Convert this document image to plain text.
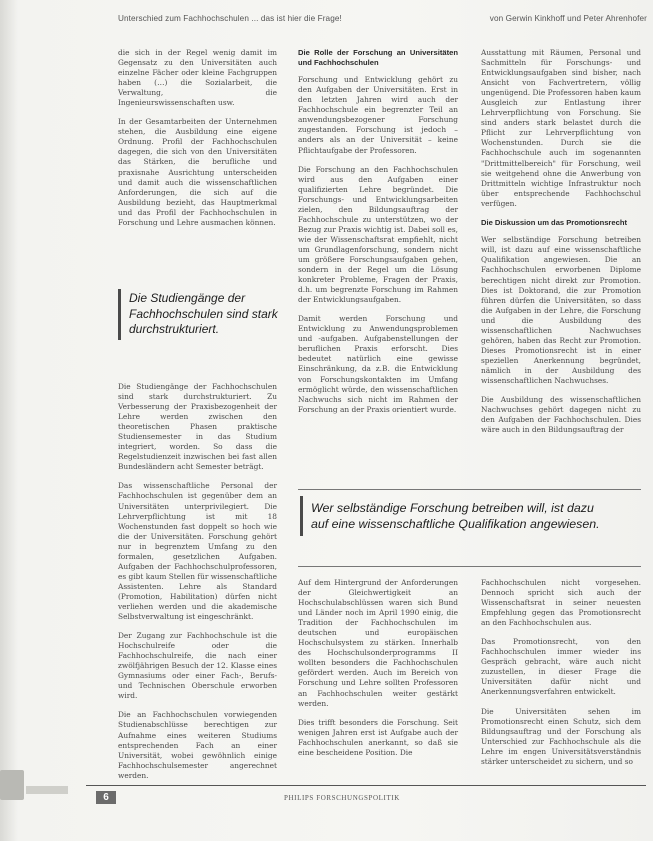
Unterschied zum Fachhochschulen ... das ist hier die Frage!	von Gerwin Kinkhoff und Peter Ahrenhofer

die sich in der Regel wenig damit im Gegensatz zu den Universitäten auch einzelne Fächer oder kleine Fachgruppen haben (…) die Sozialarbeit, die Verwaltung, die Ingenieurswissenschaften usw.

In der Gesamtarbeiten der Unternehmen stehen, die Ausbildung eine eigene Ordnung. Profil der Fachhochschulen dagegen, die sich von den Universitäten das Stärken, die berufliche und praxisnahe Ausrichtung unterscheiden und damit auch die wissenschaftlichen Anforderungen, die sich auf die Ausbildung bezieht, das Hauptmerkmal und das Profil der Fachhochschulen in Forschung und Lehre ausmachen können.

Die Studiengänge der Fachhochschulen sind stark durchstrukturiert.

Die Studiengänge der Fachhochschulen sind stark durchstrukturiert. Zu Verbesserung der Praxisbezogenheit der Lehre werden zwischen den theoretischen Phasen praktische Studiensemester in das Studium integriert, worden. So dass die Regelstudienzeit inzwischen bei fast allen Bundesländern acht Semester beträgt.

Das wissenschaftliche Personal der Fachhochschulen ist gegenüber dem an Universitäten unterprivilegiert. Die Lehrverpflichtung ist mit 18 Wochenstunden fast doppelt so hoch wie die der Universitäten. Forschung gehört nur in begrenztem Umfang zu den formalen, gesetzlichen Aufgaben. Aufgaben der Fachhochschulprofessoren, es gibt kaum Stellen für wissenschaftliche Assistenten. Lehre als Standard (Promotion, Habilitation) dürfen nicht verliehen werden und die akademische Selbstverwaltung ist eingeschränkt.

Der Zugang zur Fachhochschule ist die Hochschulreife oder die Fachhochschulreife, die nach einer zwölfjährigen Besuch der 12. Klasse eines Gymnasiums oder einer Fach-, Berufs- und Technischen Oberschule erworben wird.

Die an Fachhochschulen vorwiegenden Studienabschlüsse berechtigen zur Aufnahme eines weiteren Studiums entsprechenden Fach an einer Universität, wobei gewöhnlich einige Fachhochschulsemester angerechnet werden.

Die Rolle der Forschung an Universitäten und Fachhochschulen

Forschung und Entwicklung gehört zu den Aufgaben der Universitäten. Erst in den letzten Jahren wird auch der Fachhochschule ein begrenzter Teil an anwendungsbezogener Forschung zugestanden. Forschung ist jedoch – anders als an der Universität – keine Pflichtaufgabe der Professoren.

Die Forschung an den Fachhochschulen wird aus den Aufgaben einer qualifizierten Lehre begründet. Die Forschungs- und Entwicklungsarbeiten zielen, den Bildungsauftrag der Fachhochschule zu unterstützen, wo der Bezug zur Praxis wichtig ist. Dabei soll es, wie der Wissenschaftsrat empfiehlt, nicht um Grundlagenforschung, sondern nicht um größere Forschungsaufgaben gehen, sondern in der Regel um die Lösung konkreter Probleme, Fragen der Praxis, d.h. um begrenzte Forschung im Rahmen der Entwicklungsaufgaben.

Damit werden Forschung und Entwicklung zu Anwendungsproblemen und -aufgaben. Aufgabenstellungen der beruflichen Praxis erforscht. Dies bedeutet natürlich eine gewisse Einschränkung, da z.B. die Entwicklung von Forschungskontakten im Umfang ermöglicht würde, den wissenschaftlichen Nachwuchs sich nicht im Rahmen der Forschung an der Praxis orientiert wurde.

Ausstattung mit Räumen, Personal und Sachmitteln für Forschungs- und Entwicklungsaufgaben sind bisher, nach Ansicht von Fachvertretern, völlig ungenügend. Die Professoren haben kaum Ausgleich zur Entlastung ihrer Lehrverpflichtung von Forschung. Sie sind anders stark belastet durch die Pflicht zur Lehrverpflichtung von Wochenstunden. Durch sie die Fachhochschule auch im sogenannten "Drittmittelbereich" für Forschung, weil sie weitgehend ohne die Anwerbung von Drittmitteln wichtige Infrastruktur noch über entsprechende Fachhochschul verfügen.

Die Diskussion um das Promotionsrecht

Wer selbständige Forschung betreiben will, ist dazu auf eine wissenschaftliche Qualifikation angewiesen. Die an Fachhochschulen erworbenen Diplome berechtigen nicht direkt zur Promotion. Dies ist Doktorand, die zur Promotion führen dürfen die Universitäten, so dass die Aufgaben in der Lehre, die Forschung und die Ausbildung des wissenschaftlichen Nachwuchses gehören, haben das Recht zur Promotion. Dieses Promotionsrecht ist in einer speziellen Anerkennung begründet, nämlich in der Ausbildung des wissenschaftlichen Nachwuchses.

Die Ausbildung des wissenschaftlichen Nachwuchses gehört dagegen nicht zu den Aufgaben der Fachhochschulen. Dies wäre auch in den Bildungsauftrag der

Wer selbständige Forschung betreiben will, ist dazu auf eine wissenschaftliche Qualifikation angewiesen.

Auf dem Hintergrund der Anforderungen der Gleichwertigkeit an Hochschulabschlüssen waren sich Bund und Länder noch im April 1990 einig, die Tradition der Fachhochschulen im deutschen und europäischen Hochschulsystem zu stärken. Innerhalb des Hochschulsonderprogramms II wollten besonders die Fachhochschulen gefördert werden. Auch im Bereich von Forschung und Lehre sollten Professoren an Fachhochschulen weiter gestärkt werden.

Dies trifft besonders die Forschung. Seit wenigen Jahren erst ist Aufgabe auch der Fachhochschulen anerkannt, so daß sie eine bescheidene Position. Die

Fachhochschulen nicht vorgesehen. Dennoch spricht sich auch der Wissenschaftsrat in seiner neuesten Empfehlung gegen das Promotionsrecht an den Fachhochschulen aus.

Das Promotionsrecht, von den Fachhochschulen immer wieder ins Gespräch gebracht, wäre auch nicht zuzustellen, in dieser Frage die Universitäten dafür nicht und Anerkennungsverfahren entwickelt.

Die Universitäten sehen im Promotionsrecht einen Schutz, sich dem Bildungsauftrag und der Forschung als Unterschied zur Fachhochschule als die Lehre im engen Universitätsverständnis stärker unterscheidet zu sichern, und so

6	PHILIPS FORSCHUNGSPOLITIK
